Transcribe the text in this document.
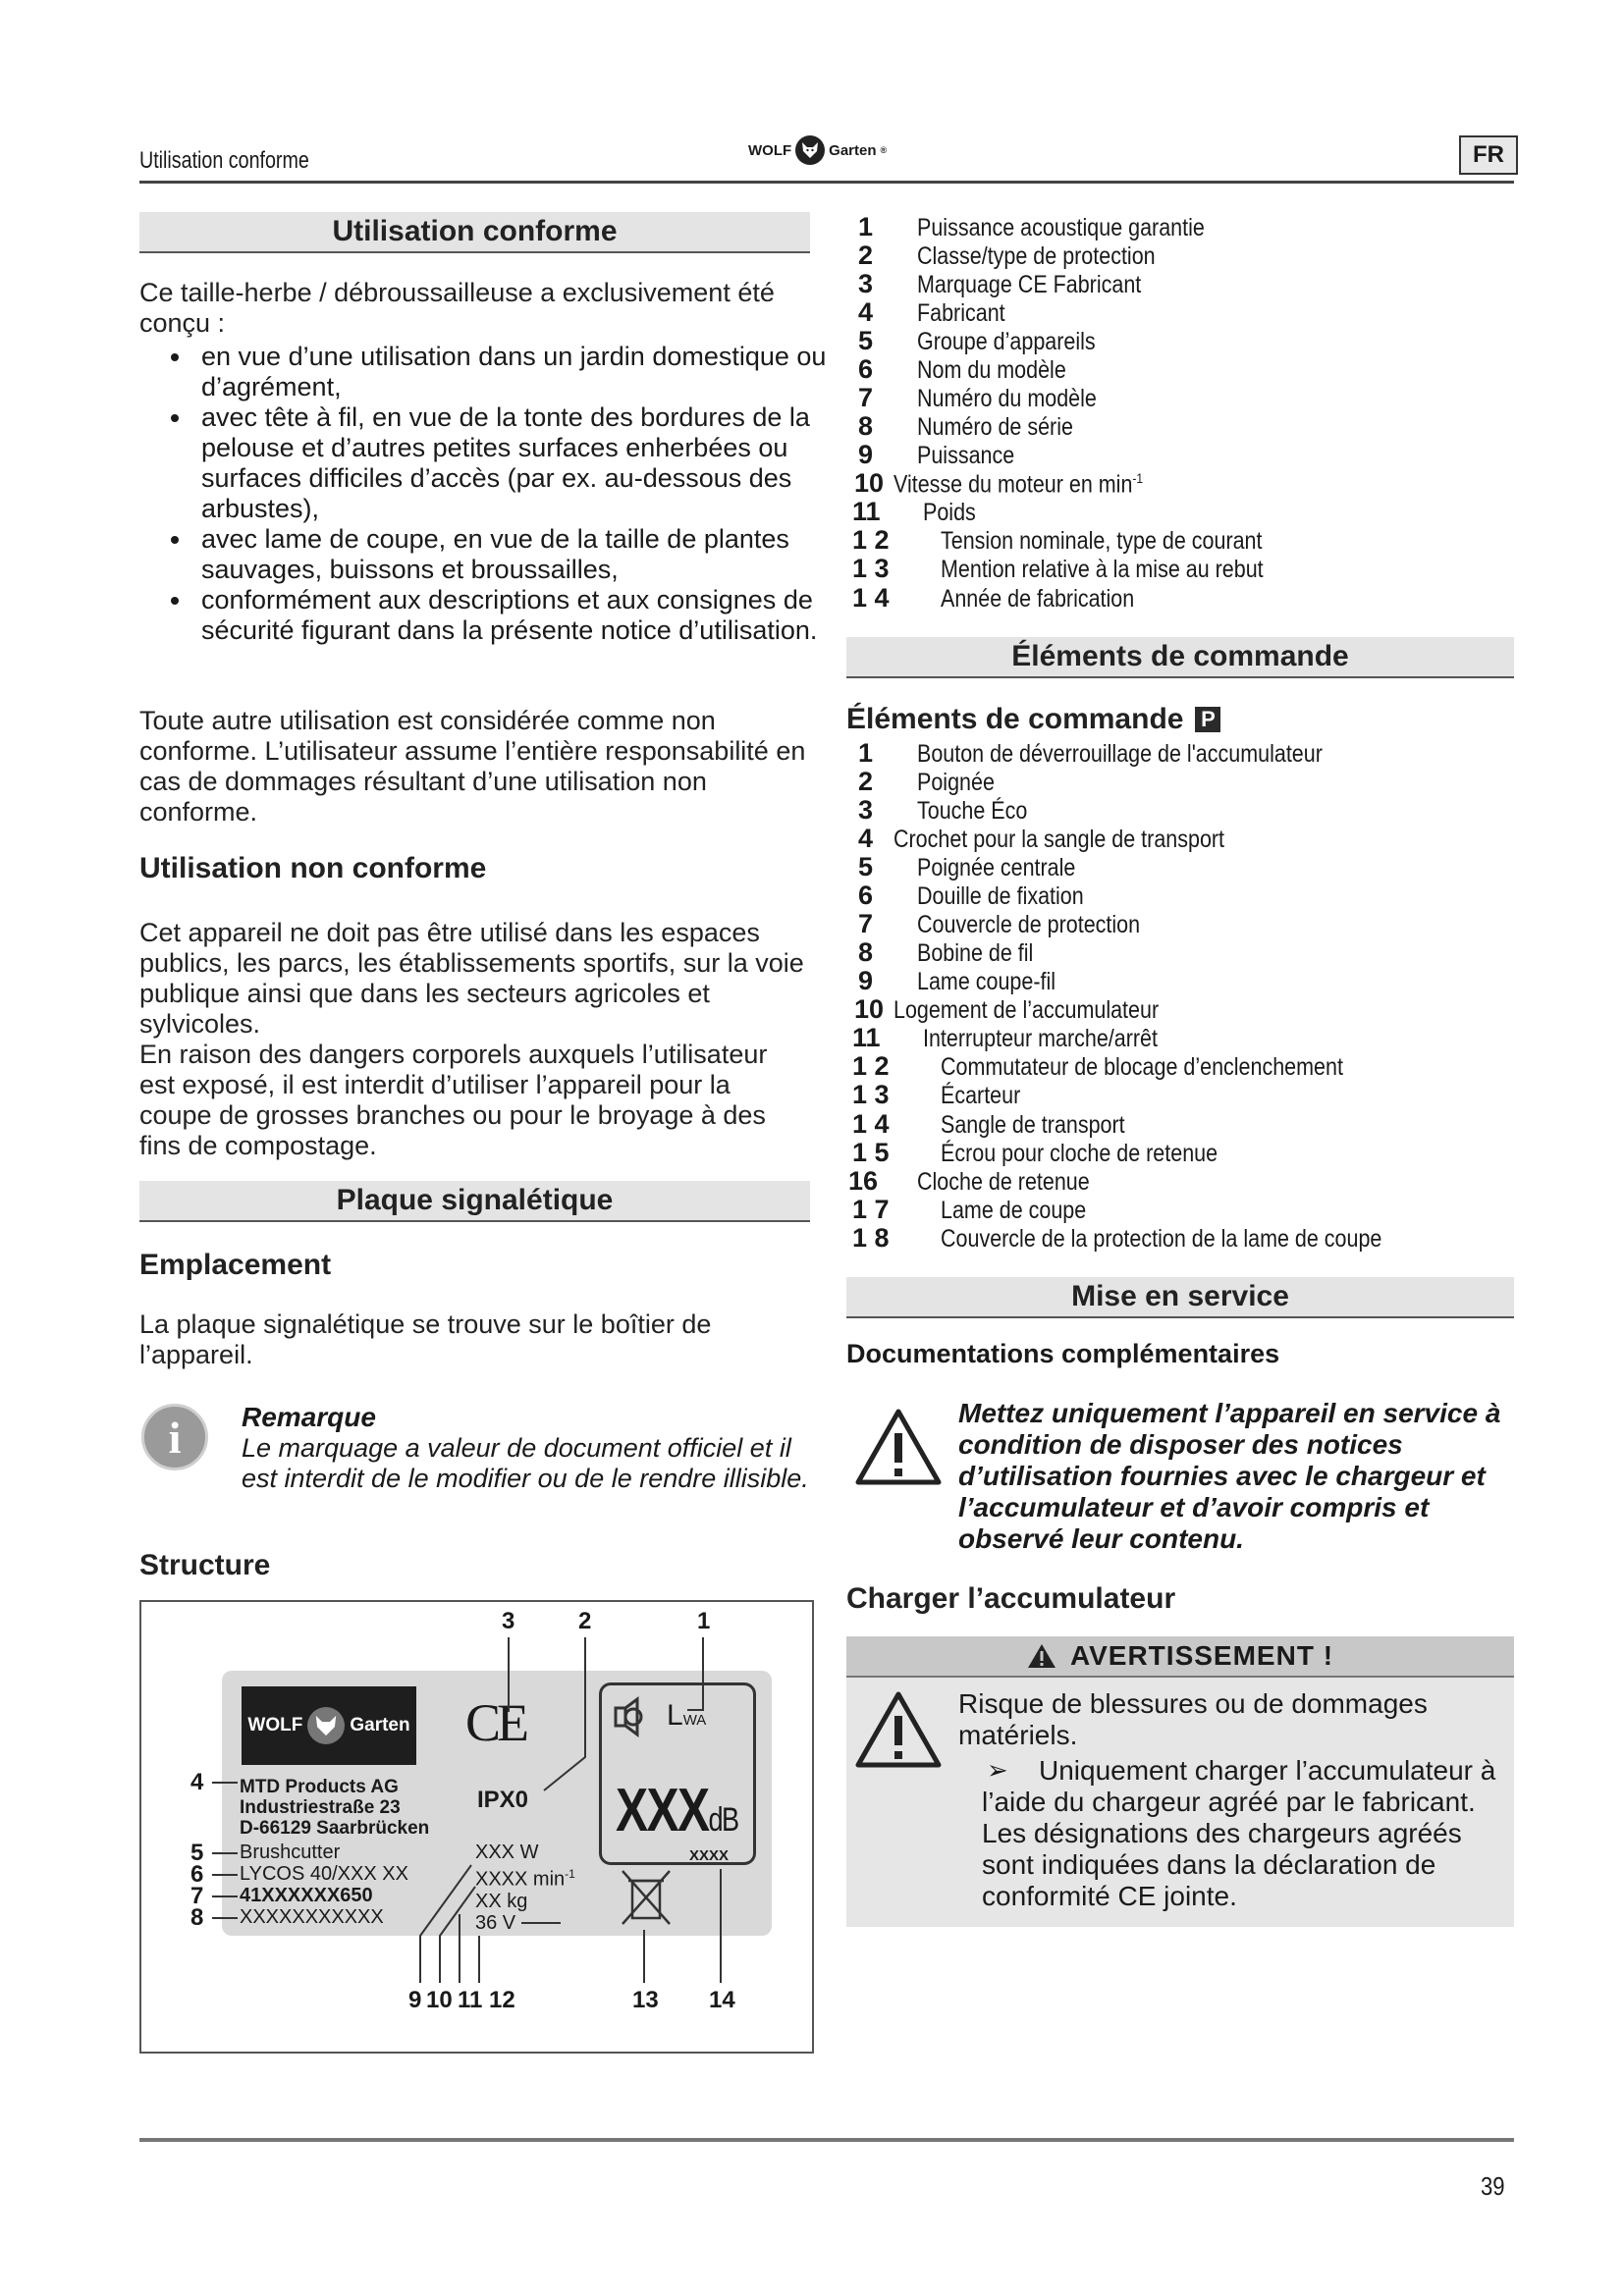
Utilisation conforme	WOLF	Garten ®	FR
Utilisation conforme
Ce taille-herbe / débroussailleuse a exclusivement été conçu :
• en vue d’une utilisation dans un jardin domestique ou d’agrément,
• avec tête à fil, en vue de la tonte des bordures de la pelouse et d’autres petites surfaces enherbées ou surfaces difficiles d’accès (par ex. au-dessous des arbustes),
• avec lame de coupe, en vue de la taille de plantes sauvages, buissons et broussailles,
• conformément aux descriptions et aux consignes de sécurité figurant dans la présente notice d’utilisation.
Toute autre utilisation est considérée comme non conforme. L’utilisateur assume l’entière responsabilité en cas de dommages résultant d’une utilisation non conforme.
Utilisation non conforme
Cet appareil ne doit pas être utilisé dans les espaces publics, les parcs, les établissements sportifs, sur la voie publique ainsi que dans les secteurs agricoles et sylvicoles.
En raison des dangers corporels auxquels l’utilisateur est exposé, il est interdit d’utiliser l’appareil pour la coupe de grosses branches ou pour le broyage à des fins de compostage.
Plaque signalétique
Emplacement
La plaque signalétique se trouve sur le boîtier de l’appareil.
i	Remarque
Le marquage a valeur de document officiel et il est interdit de le modifier ou de le rendre illisible.
Structure
3	2	1
WOLF	Garten CE	LWA
XXXdB
MTD Products AG
Industriestraße 23
D-66129 Saarbrücken
IPX0
Brushcutter
LYCOS 40/XXX XX
41XXXXXX650
XXXXXXXXXXX
XXX W
XXXX $\min^{-1}$
XX kg
36 V
XXXX
4
5
6
7
8
9 10 11 12	13 14
1 Puissance acoustique garantie
2 Classe/type de protection
3 Marquage CE Fabricant
4 Fabricant
5 Groupe d’appareils
6 Nom du modèle
7 Numéro du modèle
8 Numéro de série
9 Puissance
10 Vitesse du moteur en $\min^{-1}$
11 Poids
1 2 Tension nominale, type de courant
1 3 Mention relative à la mise au rebut
1 4 Année de fabrication
Éléments de commande
Éléments de commande P
1 Bouton de déverrouillage de l'accumulateur
2 Poignée
3 Touche Éco
4 Crochet pour la sangle de transport
5 Poignée centrale
6 Douille de fixation
7 Couvercle de protection
8 Bobine de fil
9 Lame coupe-fil
10 Logement de l’accumulateur
11 Interrupteur marche/arrêt
1 2 Commutateur de blocage d’enclenchement
1 3 Écarteur
1 4 Sangle de transport
1 5 Écrou pour cloche de retenue
16 Cloche de retenue
1 7 Lame de coupe
1 8 Couvercle de la protection de la lame de coupe
Mise en service
Documentations complémentaires
Mettez uniquement l’appareil en service à condition de disposer des notices d’utilisation fournies avec le chargeur et l’accumulateur et d’avoir compris et observé leur contenu.
Charger l’accumulateur
AVERTISSEMENT !
Risque de blessures ou de dommages matériels.
➢	Uniquement charger l’accumulateur à l’aide du chargeur agréé par le fabricant. Les désignations des chargeurs agréés sont indiquées dans la déclaration de conformité CE jointe.
39
